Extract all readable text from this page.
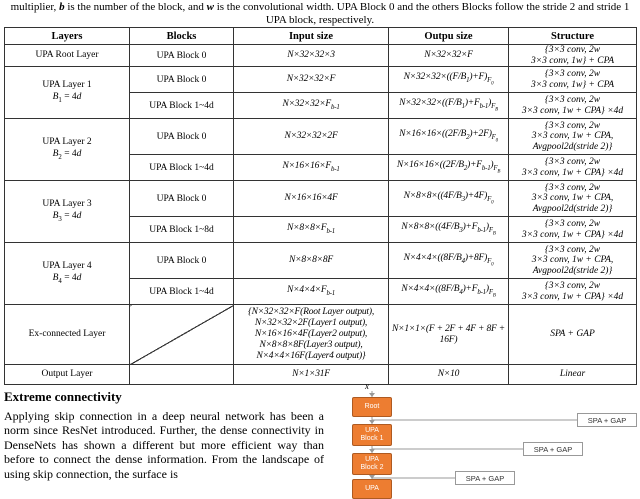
multiplier, b is the number of the block, and w is the convolutional width. UPA Block 0 and the others Blocks follow the stride 2 and stride 1 UPA block, respectively.
Layers	Blocks	Input size	Outpu size	Structure
UPA Root Layer	UPA Block 0	N×32×32×3	N×32×32×F	{3×3 conv, 2w
3×3 conv, 1w} + CPA
UPA Layer 1
$B_1 = 4d$	UPA Block 0	N×32×32×F	$N\times 32\times 32\times((F/B_1)+F)_{F_0}$	{3×3 conv, 2w
3×3 conv, 1w} + CPA
	UPA Block 1~4d	$N\times 32\times 32\times F_{b-1}$	$N\times 32\times 32\times((F/B_1)+F_{b-1})_{F_B}$	{3×3 conv, 2w
3×3 conv, 1w + CPA} ×4d
UPA Layer 2
$B_2 = 4d$	UPA Block 0	N×32×32×2F	$N\times 16\times 16\times((2F/B_2)+2F)_{F_0}$	{3×3 conv, 2w
3×3 conv, 1w + CPA,
Avgpool2d(stride 2)}
	UPA Block 1~4d	$N\times 16\times 16\times F_{b-1}$	$N\times 16\times 16\times((2F/B_2)+F_{b-1})_{F_B}$	{3×3 conv, 2w
3×3 conv, 1w + CPA} ×4d
UPA Layer 3
$B_3 = 4d$	UPA Block 0	N×16×16×4F	$N\times 8\times 8\times((4F/B_3)+4F)_{F_0}$	{3×3 conv, 2w
3×3 conv, 1w + CPA,
Avgpool2d(stride 2)}
	UPA Block 1~8d	$N\times 8\times 8\times F_{b-1}$	$N\times 8\times 8\times((4F/B_3)+F_{b-1})_{F_B}$	{3×3 conv, 2w
3×3 conv, 1w + CPA} ×4d
UPA Layer 4
$B_4 = 4d$	UPA Block 0	N×8×8×8F	$N\times 4\times 4\times((8F/B_4)+8F)_{F_0}$	{3×3 conv, 2w
3×3 conv, 1w + CPA,
Avgpool2d(stride 2)}
	UPA Block 1~4d	$N\times 4\times 4\times F_{b-1}$	$N\times 4\times 4\times((8F/B_4)+F_{b-1})_{F_B}$	{3×3 conv, 2w
3×3 conv, 1w + CPA} ×4d
Ex-connected Layer		{N×32×32×F(Root Layer output),
N×32×32×2F(Layer1 output),
N×16×16×4F(Layer2 output),
N×8×8×8F(Layer3 output),
N×4×4×16F(Layer4 output)}	N×1×1×(F + 2F + 4F + 8F + 16F)	SPA + GAP
Output Layer		N×1×31F	N×10	Linear
Extreme connectivity

Applying skip connection in a deep neural network has been a norm since ResNet introduced. Further, the dense connectivity in DenseNets has shown a different but more efficient way than before to connect the dense information. From the landscape of using skip connection, the surface is

x
Root
UPA
Block 1
UPA
Block 2
UPA
SPA + GAP
SPA + GAP
SPA + GAP
